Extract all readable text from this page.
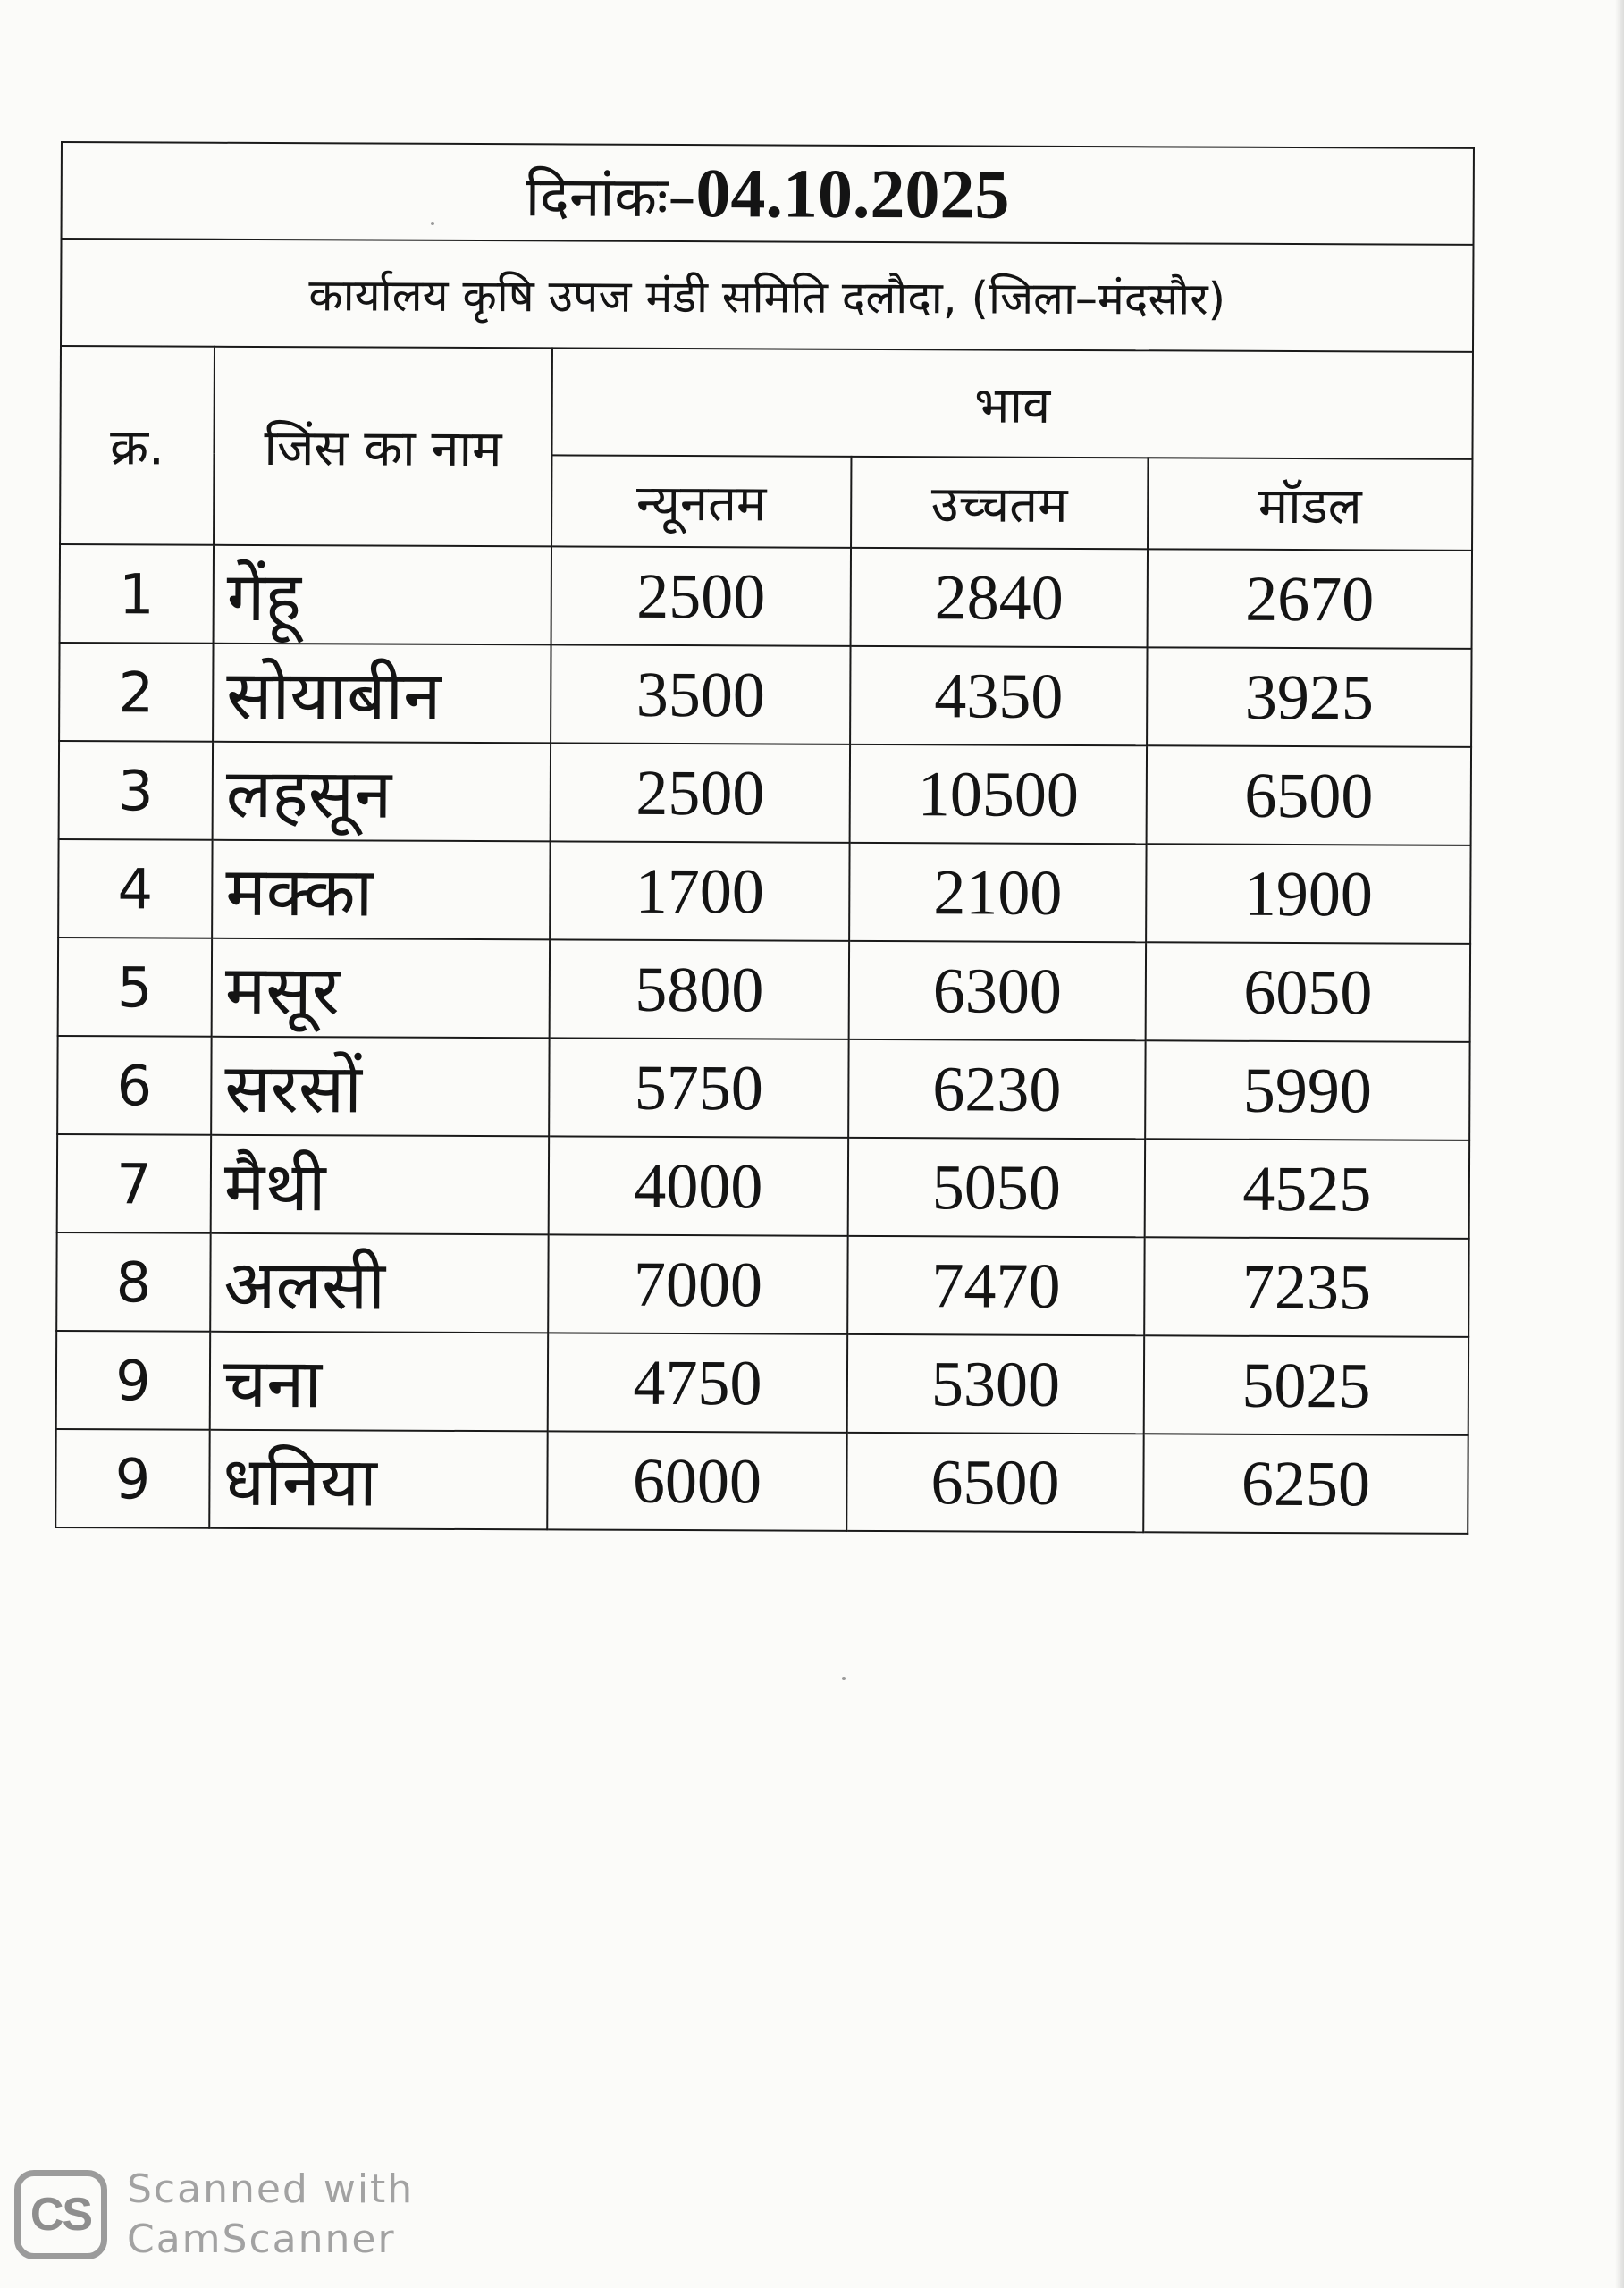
दिनांकः–04.10.2025				
कार्यालय कृषि उपज मंडी समिति दलौदा, (जिला–मंदसौर)				
क्र.	जिंस का नाम	भाव		
		न्यूनतम	उच्चतम	मॉडल
1	गेंहू	2500	2840	2670
2	सोयाबीन	3500	4350	3925
3	लहसून	2500	10500	6500
4	मक्का	1700	2100	1900
5	मसूर	5800	6300	6050
6	सरसों	5750	6230	5990
7	मैथी	4000	5050	4525
8	अलसी	7000	7470	7235
9	चना	4750	5300	5025
9	धनिया	6000	6500	6250
CS Scanned with
CamScanner
